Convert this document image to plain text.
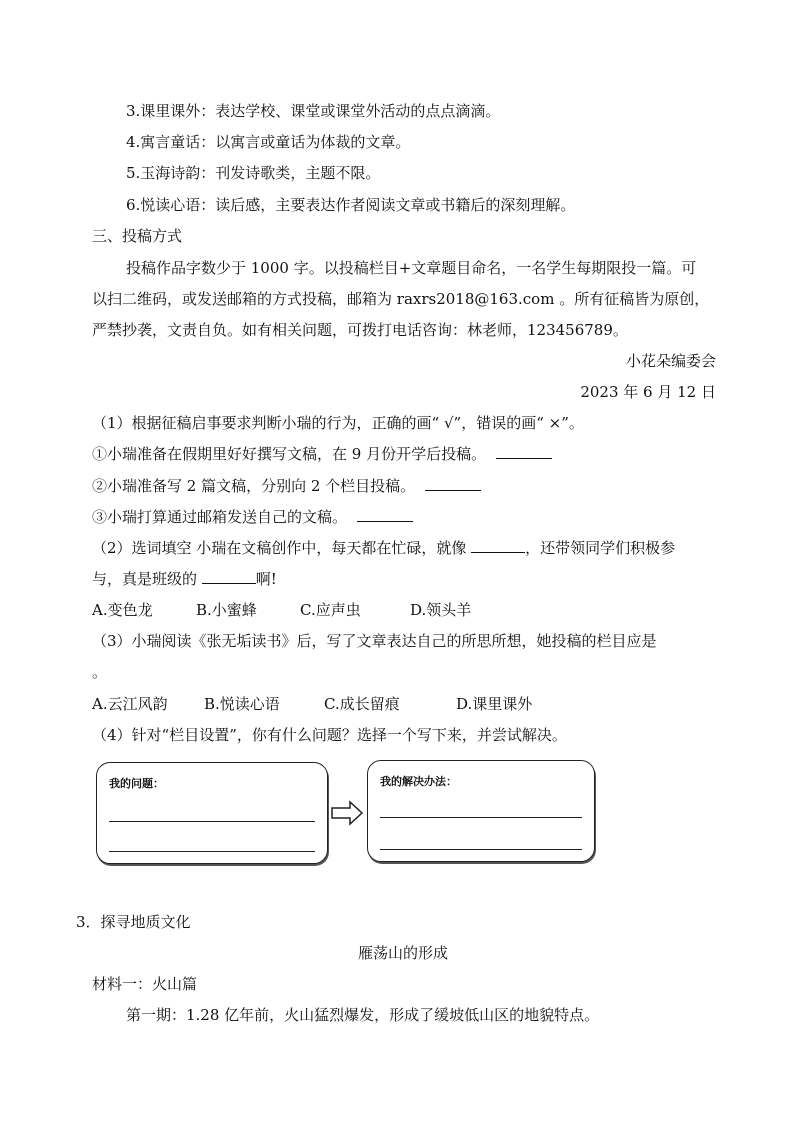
3.课里课外：表达学校、课堂或课堂外活动的点点滴滴。
4.寓言童话：以寓言或童话为体裁的文章。
5.玉海诗韵：刊发诗歌类，主题不限。
6.悦读心语：读后感，主要表达作者阅读文章或书籍后的深刻理解。
三、投稿方式
投稿作品字数少于 1000 字。以投稿栏目+文章题目命名，一名学生每期限投一篇。可
以扫二维码，或发送邮箱的方式投稿，邮箱为 raxrs2018@163.com 。所有征稿皆为原创，
严禁抄袭，文责自负。如有相关问题，可拨打电话咨询：林老师，123456789。
小花朵编委会
2023 年 6 月 12 日
（1）根据征稿启事要求判断小瑞的行为，正确的画“ √”，错误的画“ ×”。
①小瑞准备在假期里好好撰写文稿，在 9 月份开学后投稿。
②小瑞准备写 2 篇文稿，分别向 2 个栏目投稿。
③小瑞打算通过邮箱发送自己的文稿。
（2）选词填空 小瑞在文稿创作中，每天都在忙碌，就像	，还带领同学们积极参
与，真是班级的	啊!
A.变色龙	B.小蜜蜂	C.应声虫	D.领头羊
（3）小瑞阅读《张无垢读书》后，写了文章表达自己的所思所想，她投稿的栏目应是
。
A.云江风韵 B.悦读心语	C.成长留痕	D.课里课外
（4）针对“栏目设置”，你有什么问题？选择一个写下来，并尝试解决。
我的问题：	我的解决办法：
3．探寻地质文化
雁荡山的形成
材料一：火山篇
第一期：1.28 亿年前，火山猛烈爆发，形成了缓坡低山区的地貌特点。
